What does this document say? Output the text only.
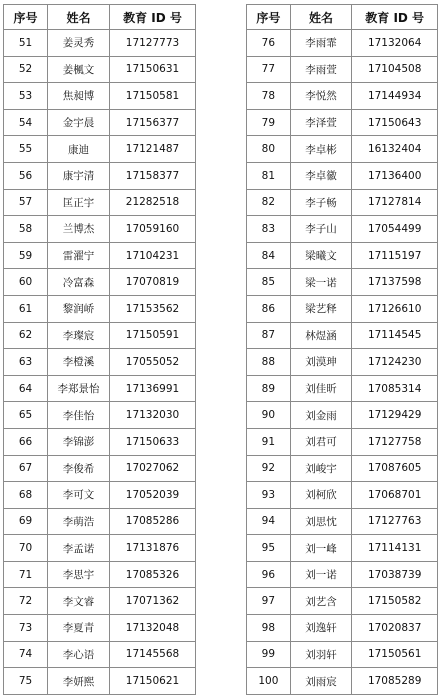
序号	姓名	教育 ID 号
51	姜灵秀	17127773
52	姜楓文	17150631
53	焦昶博	17150581
54	金宇晨	17156377
55	康迪	17121487
56	康宇清	17158377
57	匡正宇	21282518
58	兰博杰	17059160
59	雷濯宁	17104231
60	冷富森	17070819
61	黎润峤	17153562
62	李璨宸	17150591
63	李橙溪	17055052
64	李郑景怡	17136991
65	李佳怡	17132030
66	李锦澎	17150633
67	李俊希	17027062
68	李可文	17052039
69	李萌浩	17085286
70	李孟诺	17131876
71	李思宇	17085326
72	李文睿	17071362
73	李夏青	17132048
74	李心语	17145568
75	李妍熙	17150621
序号	姓名	教育 ID 号
76	李雨霏	17132064
77	李雨萱	17104508
78	李悦然	17144934
79	李泽萱	17150643
80	李卓彬	16132404
81	李卓徽	17136400
82	李子畅	17127814
83	李子山	17054499
84	梁曦文	17115197
85	梁一诺	17137598
86	梁艺释	17126610
87	林煜涵	17114545
88	刘漠珅	17124230
89	刘佳昕	17085314
90	刘金雨	17129429
91	刘君可	17127758
92	刘峻宇	17087605
93	刘柯欣	17068701
94	刘思忱	17127763
95	刘一峰	17114131
96	刘一诺	17038739
97	刘艺含	17150582
98	刘逸轩	17020837
99	刘羽轩	17150561
100	刘雨宸	17085289
